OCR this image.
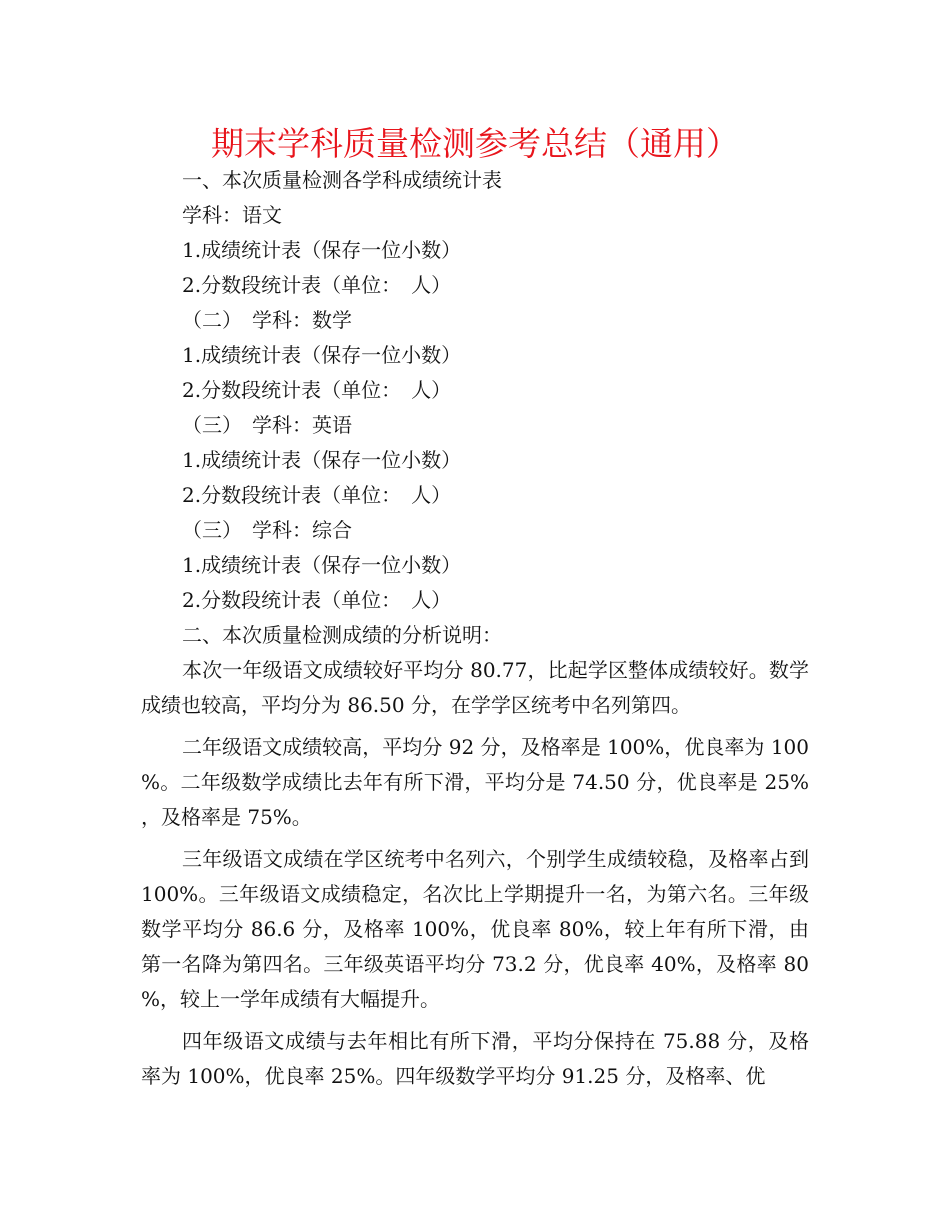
期末学科质量检测参考总结（通用）

一、本次质量检测各学科成绩统计表

学科：语文

1.成绩统计表（保存一位小数）

2.分数段统计表（单位：　人）

（二）　学科：数学

1.成绩统计表（保存一位小数）

2.分数段统计表（单位：　人）

（三）　学科：英语

1.成绩统计表（保存一位小数）

2.分数段统计表（单位：　人）

（三）　学科：综合

1.成绩统计表（保存一位小数）

2.分数段统计表（单位：　人）

二、本次质量检测成绩的分析说明：

本次一年级语文成绩较好平均分 80.77，比起学区整体成绩较好。数学成绩也较高，平均分为 86.50 分，在学学区统考中名列第四。

二年级语文成绩较高，平均分 92 分，及格率是 100%，优良率为 100%。二年级数学成绩比去年有所下滑，平均分是 74.50 分，优良率是 25%，及格率是 75%。

三年级语文成绩在学区统考中名列六，个别学生成绩较稳，及格率占到 100%。三年级语文成绩稳定，名次比上学期提升一名，为第六名。三年级数学平均分 86.6 分，及格率 100%，优良率 80%，较上年有所下滑，由第一名降为第四名。三年级英语平均分 73.2 分，优良率 40%，及格率 80%，较上一学年成绩有大幅提升。

四年级语文成绩与去年相比有所下滑，平均分保持在 75.88 分，及格率为 100%，优良率 25%。四年级数学平均分 91.25 分，及格率、优
